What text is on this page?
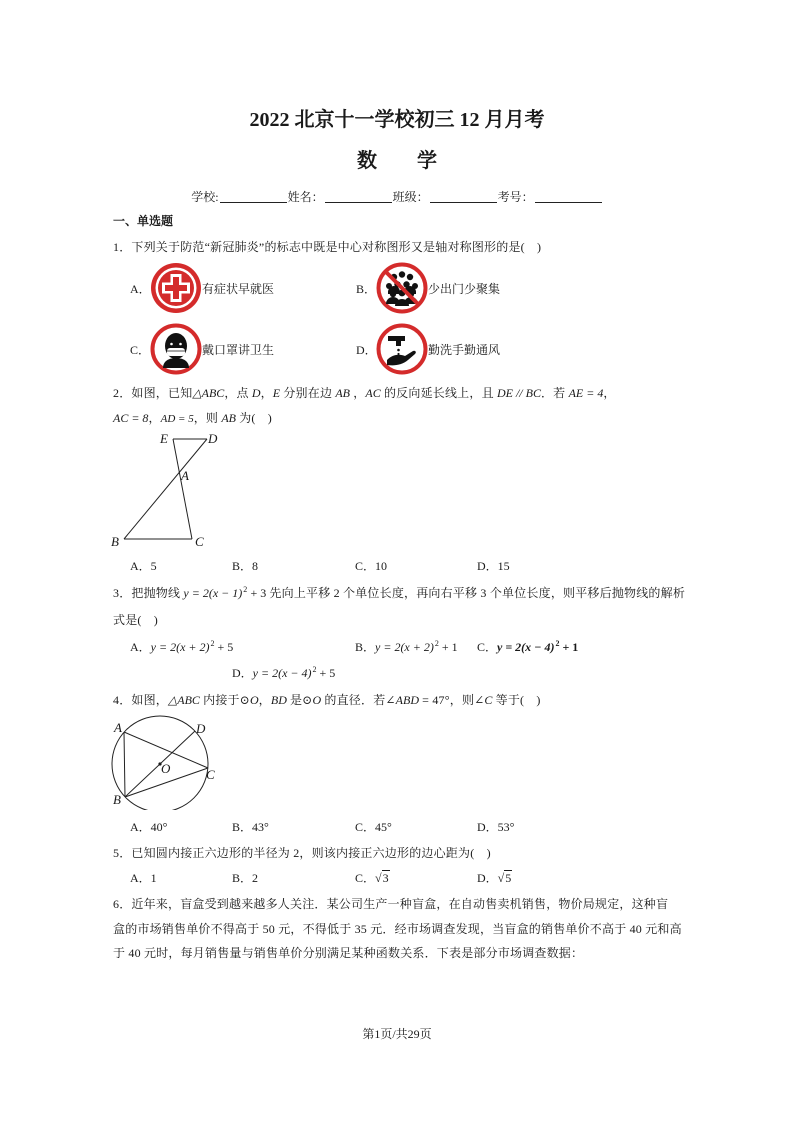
2022 北京十一学校初三 12 月月考
数　　学
学校:	姓名：	班级：	考号：
一、单选题
1．下列关于防范“新冠肺炎”的标志中既是中心对称图形又是轴对称图形的是(　)
A．	有症状早就医	B．	少出门少聚集
C．	戴口罩讲卫生	D．	勤洗手勤通风
2．如图，已知△ABC，点 D，E 分别在边 AB ，AC 的反向延长线上，且 DE // BC．若 AE = 4，
AC = 8，AD = 5，则 AB 为(　)
E	D
A
B	C
A．5	B．8	C．10	D．15
3．把抛物线 $y = 2(x - 1)^2 + 3$ 先向上平移 2 个单位长度，再向右平移 3 个单位长度，则平移后抛物线的解析
式是(　)
A．$y = 2(x + 2)^2 + 5$	B．$y = 2(x + 2)^2 + 1$ C．$y = 2(x - 4)^2 + 1$
D．$y = 2(x - 4)^2 + 5$
4．如图，△ABC 内接于⊙O，BD 是⊙O 的直径．若∠ABD = 47°，则∠C 等于(　)
A	D
O	C
B
A．40°	B．43°	C．45°	D．53°
5．已知圆内接正六边形的半径为 2，则该内接正六边形的边心距为(　)
A．1	B．2	C．√3	D．√5
6．近年来，盲盒受到越来越多人关注．某公司生产一种盲盒，在自动售卖机销售，物价局规定，这种盲
盒的市场销售单价不得高于 50 元，不得低于 35 元．经市场调查发现，当盲盒的销售单价不高于 40 元和高
于 40 元时，每月销售量与销售单价分别满足某种函数关系．下表是部分市场调查数据：
第1页/共29页
